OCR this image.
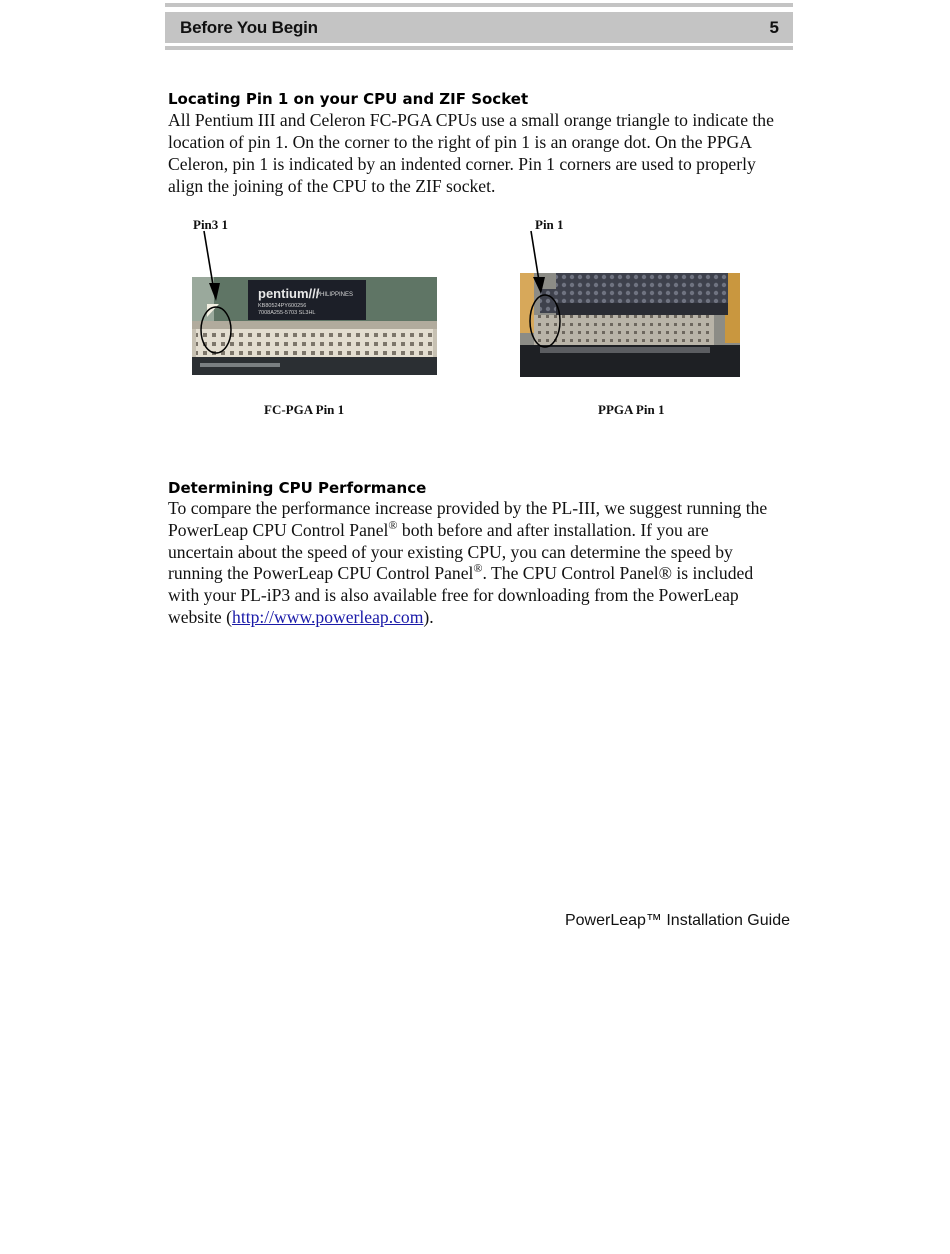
Before You Begin	5
Locating Pin 1 on your CPU and ZIF Socket
All Pentium III and Celeron FC-PGA CPUs use a small orange triangle to indicate the
location of pin 1. On the corner to the right of pin 1 is an orange dot. On the PPGA
Celeron, pin 1 is indicated by an indented corner. Pin 1 corners are used to properly
align the joining of the CPU to the ZIF socket.
Pin3 1
pentium///
PHILIPPINES
KB80524PY600256
7008A255-5703 SL3HL
FC-PGA Pin 1
Pin 1
PPGA Pin 1
Determining CPU Performance
To compare the performance increase provided by the PL-III, we suggest running the
PowerLeap CPU Control Panel® both before and after installation. If you are
uncertain about the speed of your existing CPU, you can determine the speed by
running the PowerLeap CPU Control Panel®. The CPU Control Panel® is included
with your PL-iP3 and is also available free for downloading from the PowerLeap
website (http://www.powerleap.com).
PowerLeap™ Installation Guide
